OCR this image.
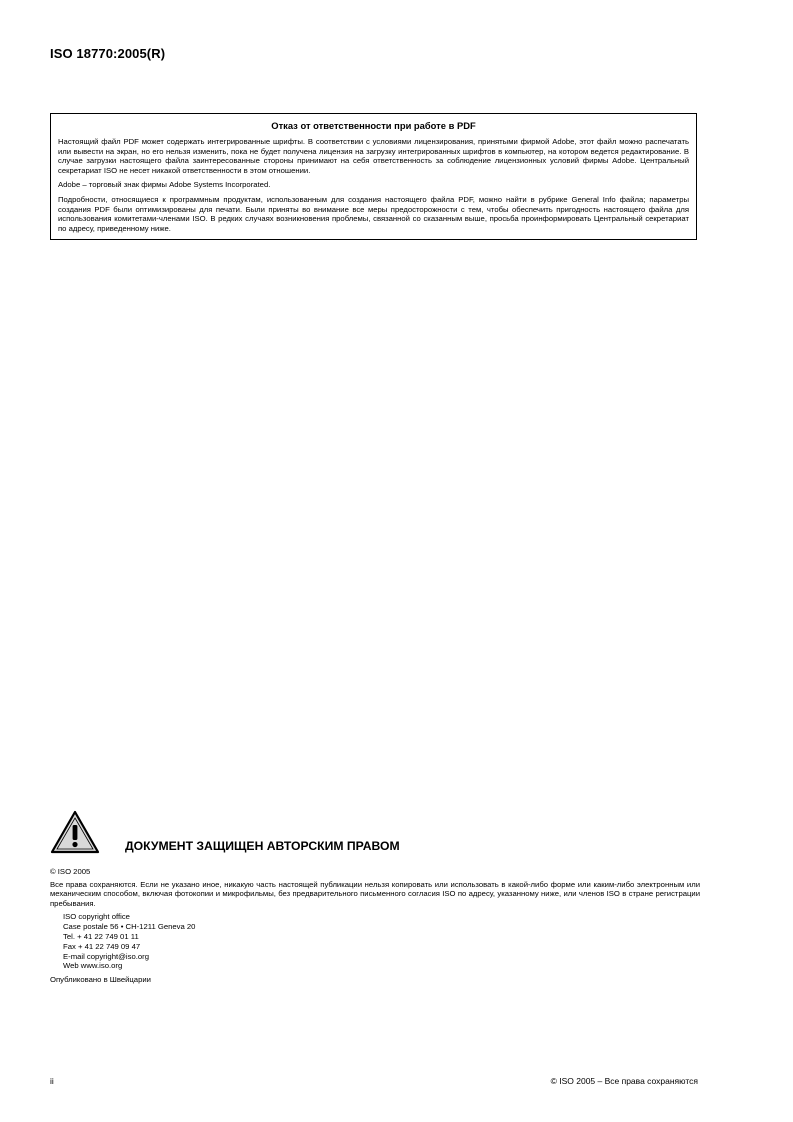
ISO 18770:2005(R)
Отказ от ответственности при работе в PDF

Настоящий файл PDF может содержать интегрированные шрифты. В соответствии с условиями лицензирования, принятыми фирмой Adobe, этот файл можно распечатать или вывести на экран, но его нельзя изменить, пока не будет получена лицензия на загрузку интегрированных шрифтов в компьютер, на котором ведется редактирование. В случае загрузки настоящего файла заинтересованные стороны принимают на себя ответственность за соблюдение лицензионных условий фирмы Adobe. Центральный секретариат ISO не несет никакой ответственности в этом отношении.

Adobe – торговый знак фирмы Adobe Systems Incorporated.

Подробности, относящиеся к программным продуктам, использованным для создания настоящего файла PDF, можно найти в рубрике General Info файла; параметры создания PDF были оптимизированы для печати. Были приняты во внимание все меры предосторожности с тем, чтобы обеспечить пригодность настоящего файла для использования комитетами-членами ISO. В редких случаях возникновения проблемы, связанной со сказанным выше, просьба проинформировать Центральный секретариат по адресу, приведенному ниже.

ДОКУМЕНТ ЗАЩИЩЕН АВТОРСКИМ ПРАВОМ
© ISO 2005
Все права сохраняются. Если не указано иное, никакую часть настоящей публикации нельзя копировать или использовать в какой-либо форме или каким-либо электронным или механическим способом, включая фотокопии и микрофильмы, без предварительного письменного согласия ISO по адресу, указанному ниже, или членов ISO в стране регистрации пребывания.
ISO copyright office
Case postale 56 • CH-1211 Geneva 20
Tel. + 41 22 749 01 11
Fax + 41 22 749 09 47
E-mail copyright@iso.org
Web www.iso.org
Опубликовано в Швейцарии
ii	© ISO 2005 – Все права сохраняются
